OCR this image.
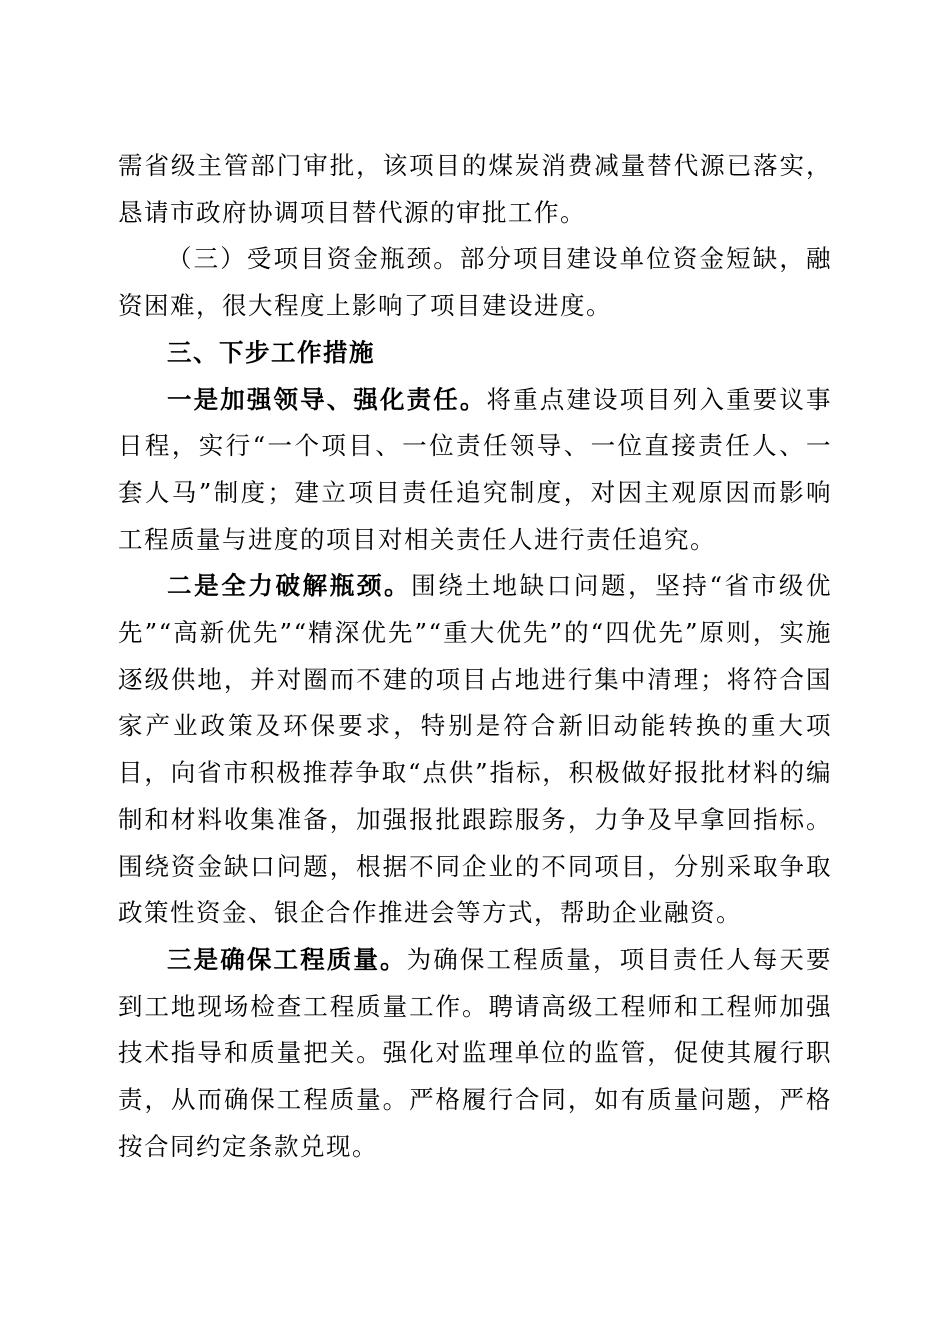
需省级主管部门审批，该项目的煤炭消费减量替代源已落实，恳请市政府协调项目替代源的审批工作。

（三）受项目资金瓶颈。部分项目建设单位资金短缺，融资困难，很大程度上影响了项目建设进度。

三、下步工作措施

一是加强领导、强化责任。将重点建设项目列入重要议事日程，实行“一个项目、一位责任领导、一位直接责任人、一套人马”制度；建立项目责任追究制度，对因主观原因而影响工程质量与进度的项目对相关责任人进行责任追究。

二是全力破解瓶颈。围绕土地缺口问题，坚持“省市级优先”“高新优先”“精深优先”“重大优先”的“四优先”原则，实施逐级供地，并对圈而不建的项目占地进行集中清理；将符合国家产业政策及环保要求，特别是符合新旧动能转换的重大项目，向省市积极推荐争取“点供”指标，积极做好报批材料的编制和材料收集准备，加强报批跟踪服务，力争及早拿回指标。围绕资金缺口问题，根据不同企业的不同项目，分别采取争取政策性资金、银企合作推进会等方式，帮助企业融资。

三是确保工程质量。为确保工程质量，项目责任人每天要到工地现场检查工程质量工作。聘请高级工程师和工程师加强技术指导和质量把关。强化对监理单位的监管，促使其履行职责，从而确保工程质量。严格履行合同，如有质量问题，严格按合同约定条款兑现。
